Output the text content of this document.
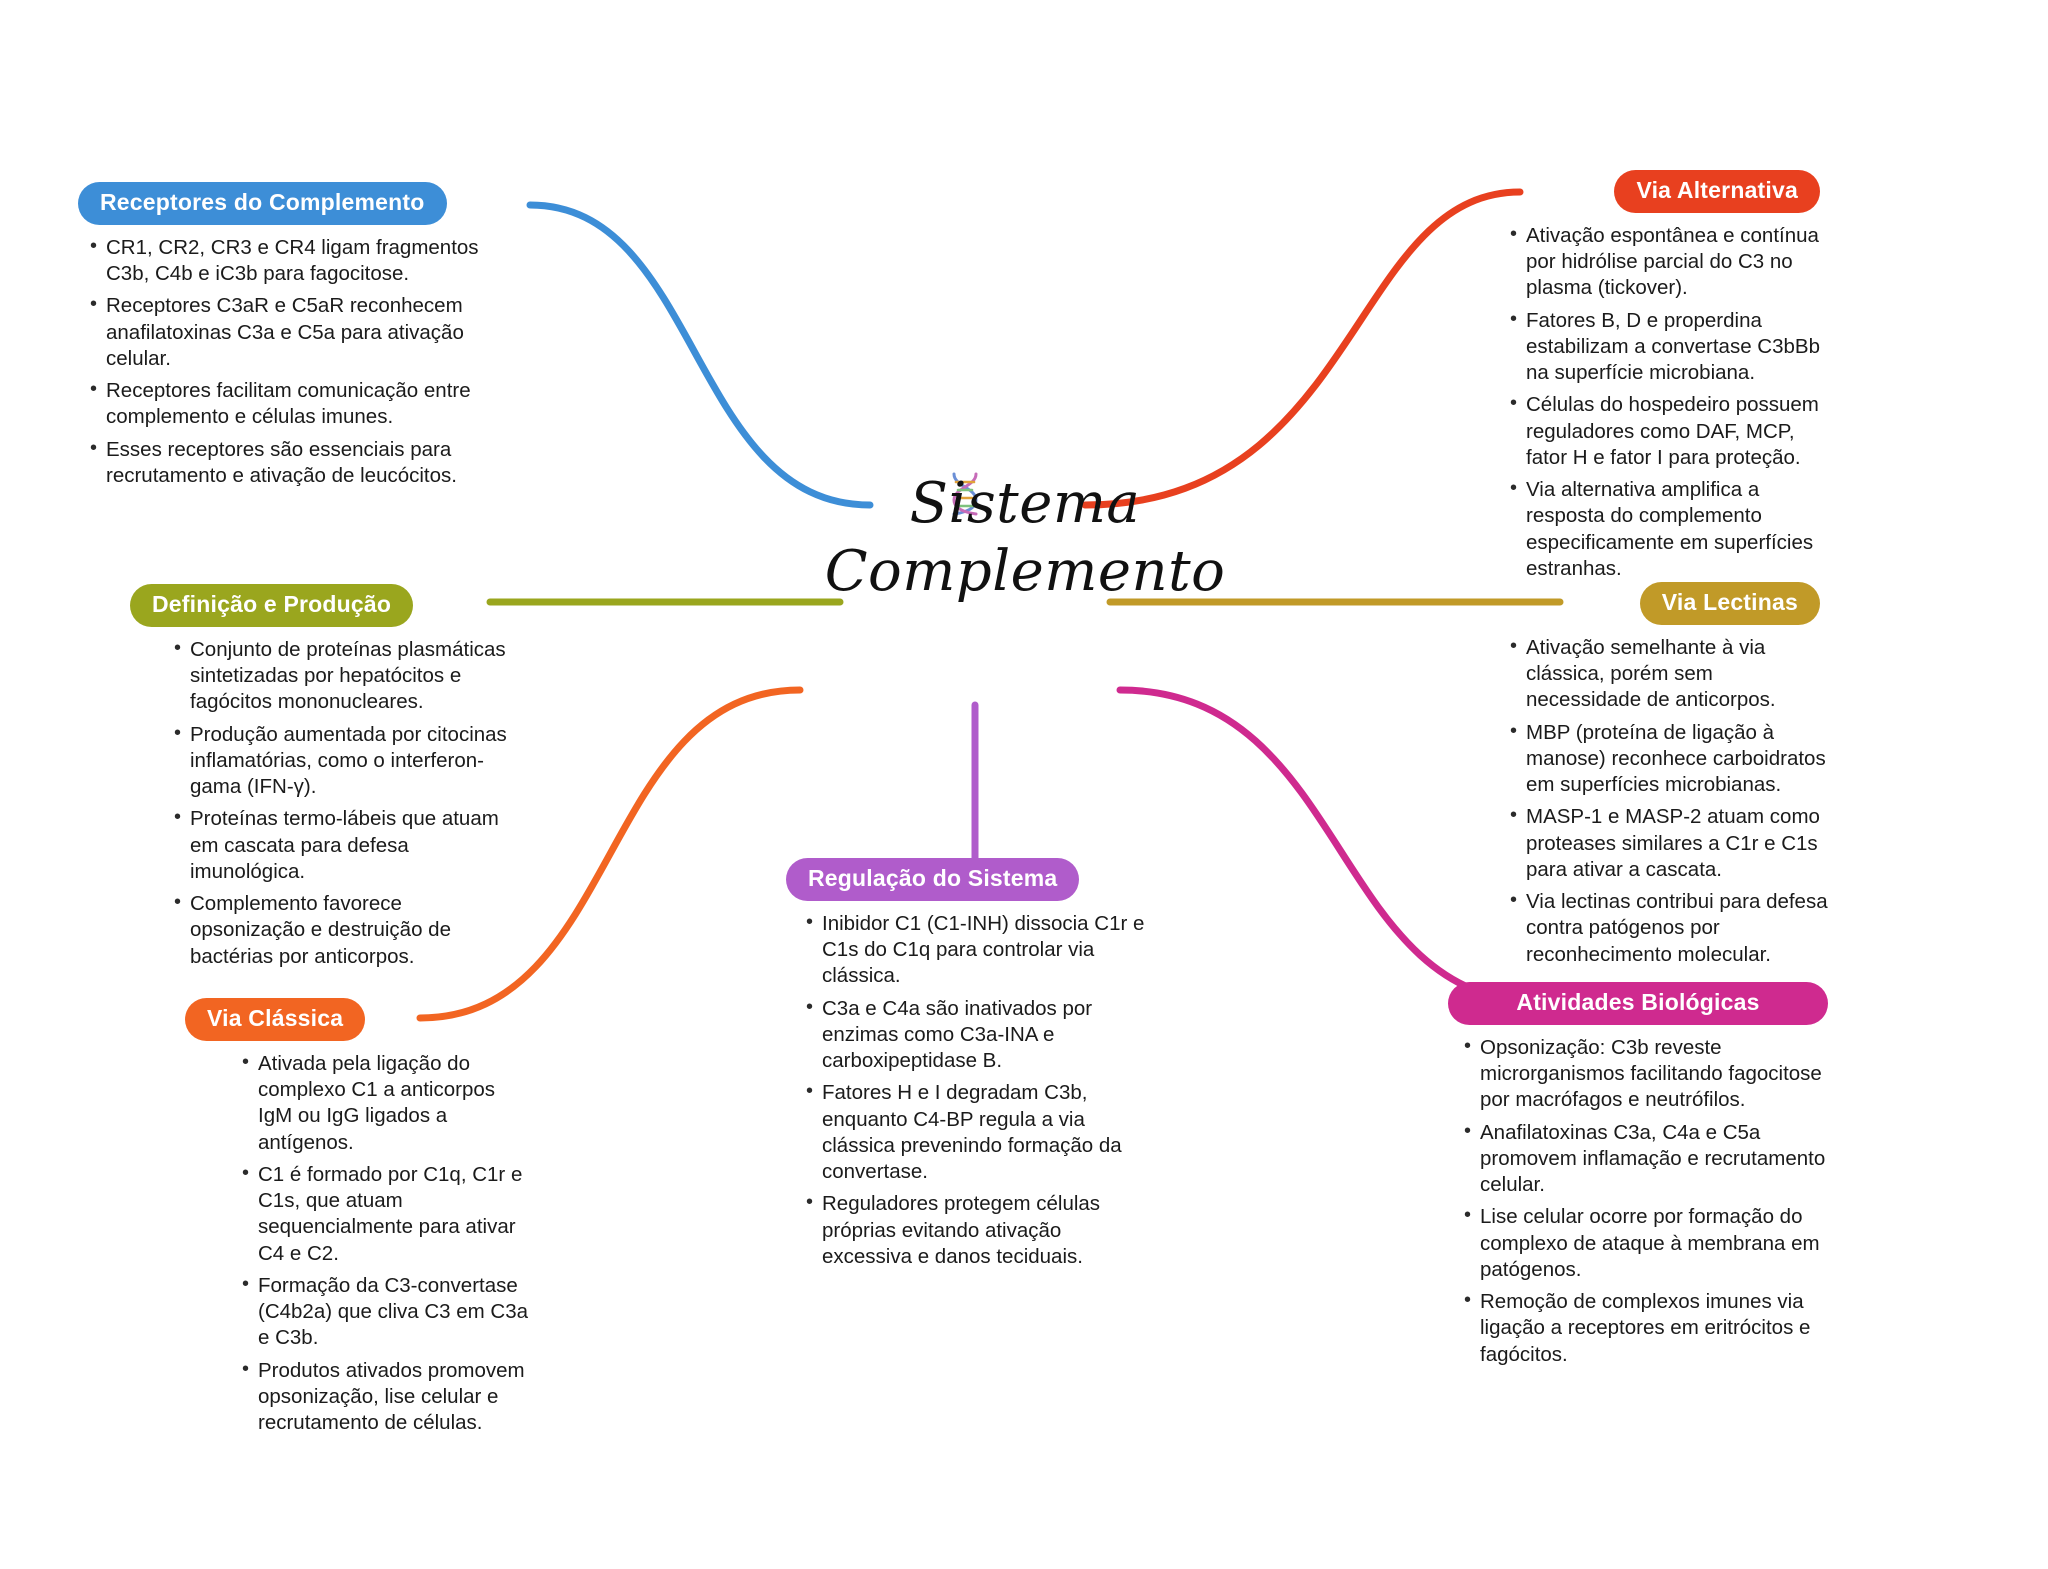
Sistema
Complemento
Receptores do Complemento
• CR1, CR2, CR3 e CR4 ligam fragmentos C3b, C4b e iC3b para fagocitose.
• Receptores C3aR e C5aR reconhecem anafilatoxinas C3a e C5a para ativação celular.
• Receptores facilitam comunicação entre complemento e células imunes.
• Esses receptores são essenciais para recrutamento e ativação de leucócitos.
Definição e Produção
• Conjunto de proteínas plasmáticas sintetizadas por hepatócitos e fagócitos mononucleares.
• Produção aumentada por citocinas inflamatórias, como o interferon-gama (IFN-γ).
• Proteínas termo-lábeis que atuam em cascata para defesa imunológica.
• Complemento favorece opsonização e destruição de bactérias por anticorpos.
Via Clássica
• Ativada pela ligação do complexo C1 a anticorpos IgM ou IgG ligados a antígenos.
• C1 é formado por C1q, C1r e C1s, que atuam sequencialmente para ativar C4 e C2.
• Formação da C3-convertase (C4b2a) que cliva C3 em C3a e C3b.
• Produtos ativados promovem opsonização, lise celular e recrutamento de células.
Regulação do Sistema
• Inibidor C1 (C1-INH) dissocia C1r e C1s do C1q para controlar via clássica.
• C3a e C4a são inativados por enzimas como C3a-INA e carboxipeptidase B.
• Fatores H e I degradam C3b, enquanto C4-BP regula a via clássica prevenindo formação da convertase.
• Reguladores protegem células próprias evitando ativação excessiva e danos teciduais.
Via Alternativa
• Ativação espontânea e contínua por hidrólise parcial do C3 no plasma (tickover).
• Fatores B, D e properdina estabilizam a convertase C3bBb na superfície microbiana.
• Células do hospedeiro possuem reguladores como DAF, MCP, fator H e fator I para proteção.
• Via alternativa amplifica a resposta do complemento especificamente em superfícies estranhas.
Via Lectinas
• Ativação semelhante à via clássica, porém sem necessidade de anticorpos.
• MBP (proteína de ligação à manose) reconhece carboidratos em superfícies microbianas.
• MASP-1 e MASP-2 atuam como proteases similares a C1r e C1s para ativar a cascata.
• Via lectinas contribui para defesa contra patógenos por reconhecimento molecular.
Atividades Biológicas
• Opsonização: C3b reveste microrganismos facilitando fagocitose por macrófagos e neutrófilos.
• Anafilatoxinas C3a, C4a e C5a promovem inflamação e recrutamento celular.
• Lise celular ocorre por formação do complexo de ataque à membrana em patógenos.
• Remoção de complexos imunes via ligação a receptores em eritrócitos e fagócitos.
